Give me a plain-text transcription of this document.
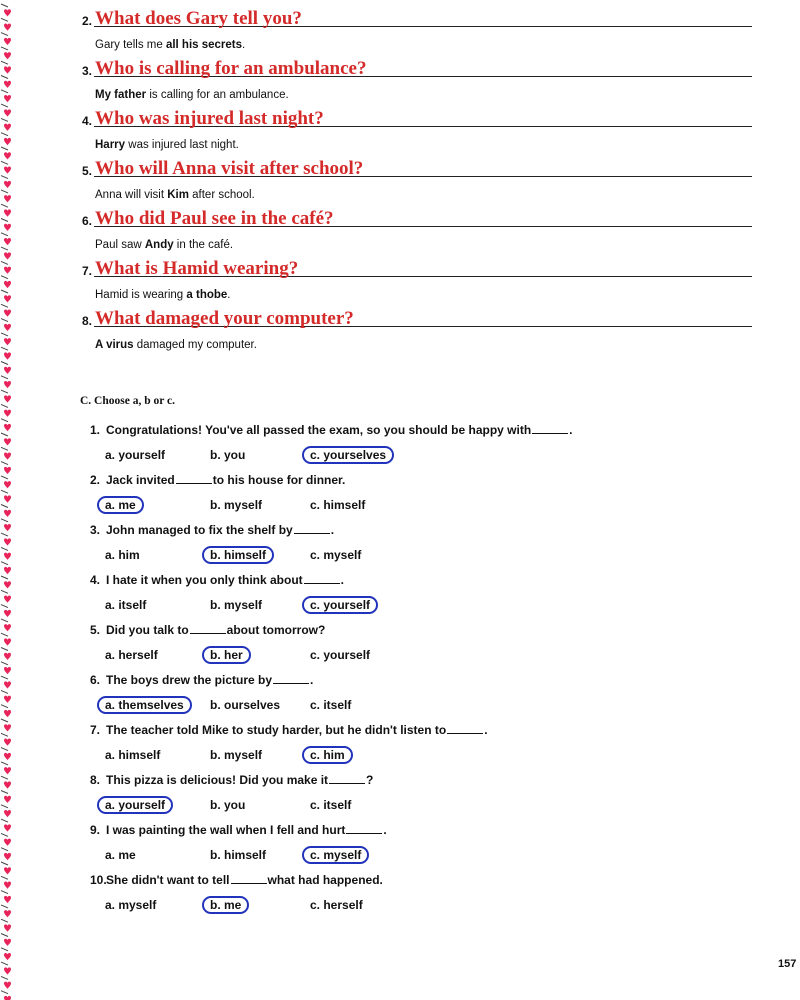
2. What does Gary tell you?
Gary tells me all his secrets.
3. Who is calling for an ambulance?
My father is calling for an ambulance.
4. Who was injured last night?
Harry was injured last night.
5. Who will Anna visit after school?
Anna will visit Kim after school.
6. Who did Paul see in the café?
Paul saw Andy in the café.
7. What is Hamid wearing?
Hamid is wearing a thobe.
8. What damaged your computer?
A virus damaged my computer.
C. Choose a, b or c.
1. Congratulations! You've all passed the exam, so you should be happy with	.
a. yourself	b. you	c. yourselves
2. Jack invited	to his house for dinner.
a. me	b. myself	c. himself
3. John managed to fix the shelf by	.
a. him	b. himself	c. myself
4. I hate it when you only think about	.
a. itself	b. myself	c. yourself
5. Did you talk to	about tomorrow?
a. herself	b. her	c. yourself
6. The boys drew the picture by	.
a. themselves	b. ourselves c. itself
7. The teacher told Mike to study harder, but he didn't listen to	.
a. himself	b. myself	c. him
8. This pizza is delicious! Did you make it	?
a. yourself	b. you	c. itself
9. I was painting the wall when I fell and hurt	.
a. me	b. himself	c. myself
10.She didn't want to tell	what had happened.
a. myself	b. me	c. herself
157
